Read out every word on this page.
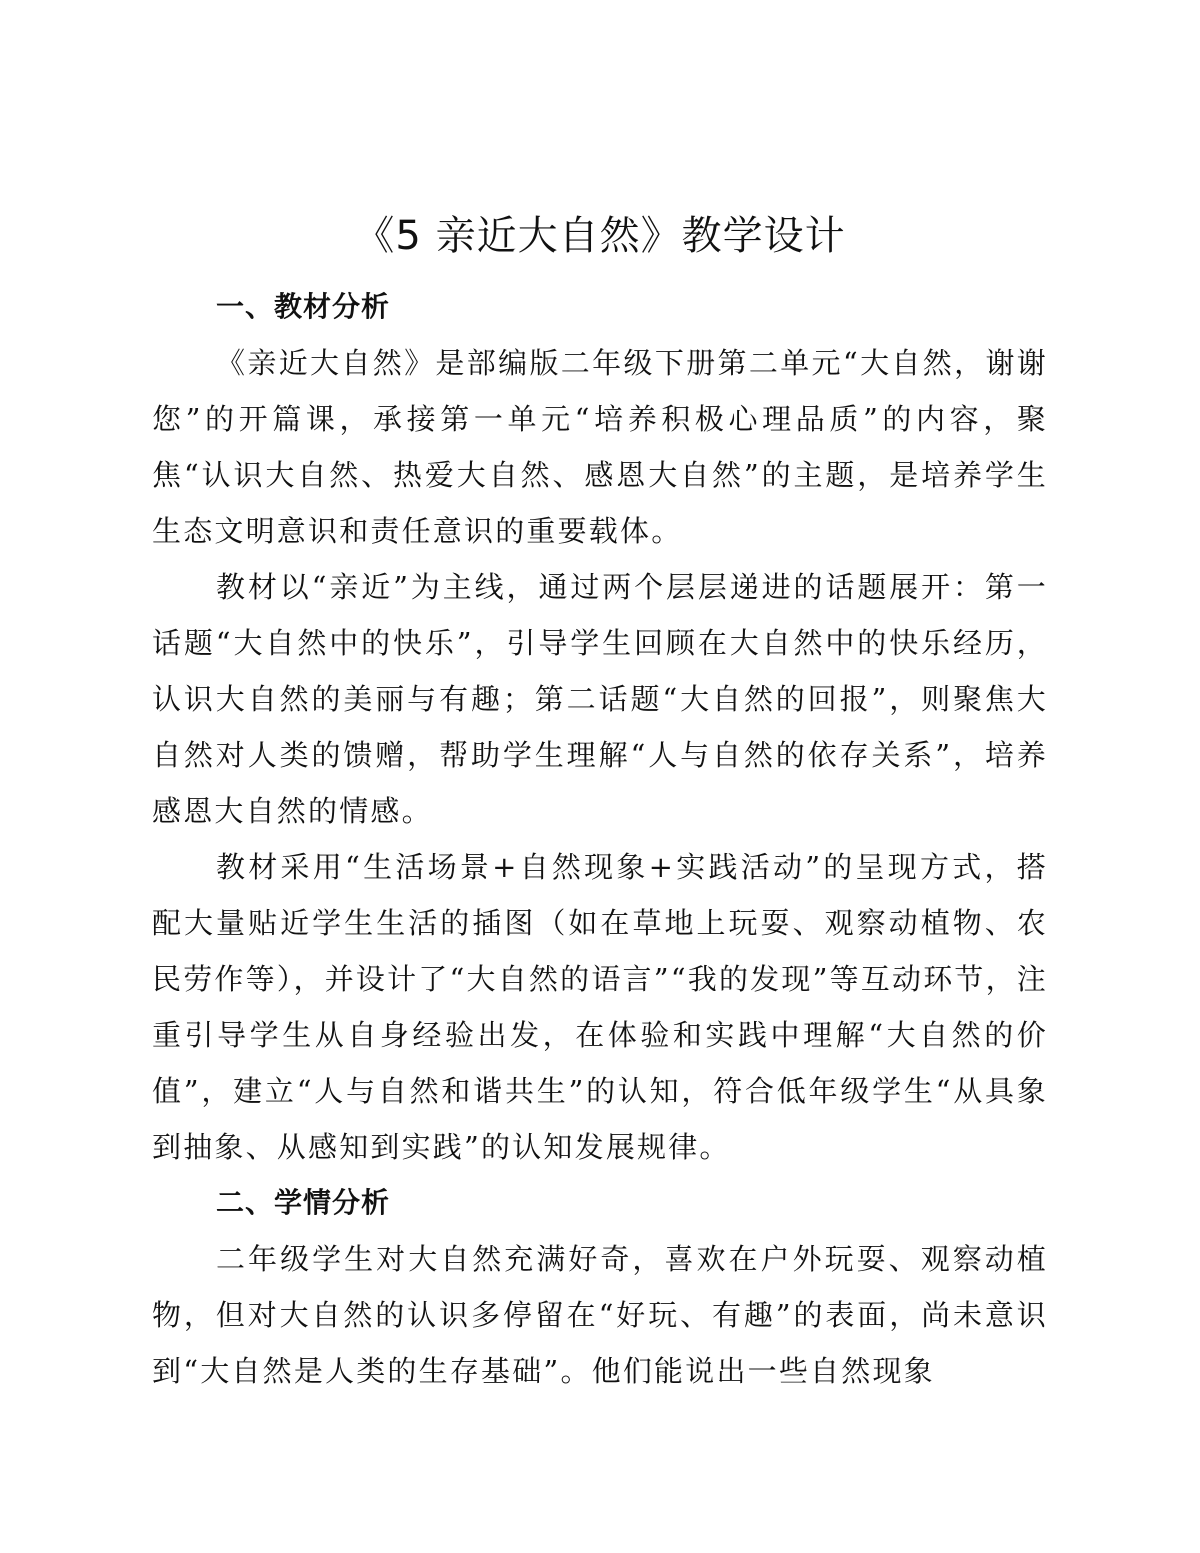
《5 亲近大自然》教学设计
一、教材分析

《亲近大自然》是部编版二年级下册第二单元“大自然，谢谢您”的开篇课，承接第一单元“培养积极心理品质”的内容，聚焦“认识大自然、热爱大自然、感恩大自然”的主题，是培养学生生态文明意识和责任意识的重要载体。

教材以“亲近”为主线，通过两个层层递进的话题展开：第一话题“大自然中的快乐”，引导学生回顾在大自然中的快乐经历，认识大自然的美丽与有趣；第二话题“大自然的回报”，则聚焦大自然对人类的馈赠，帮助学生理解“人与自然的依存关系”，培养感恩大自然的情感。

教材采用“生活场景+自然现象+实践活动”的呈现方式，搭配大量贴近学生生活的插图（如在草地上玩耍、观察动植物、农民劳作等），并设计了“大自然的语言”“我的发现”等互动环节，注重引导学生从自身经验出发，在体验和实践中理解“大自然的价值”，建立“人与自然和谐共生”的认知，符合低年级学生“从具象到抽象、从感知到实践”的认知发展规律。

二、学情分析

二年级学生对大自然充满好奇，喜欢在户外玩耍、观察动植物，但对大自然的认识多停留在“好玩、有趣”的表面，尚未意识到“大自然是人类的生存基础”。他们能说出一些自然现象
